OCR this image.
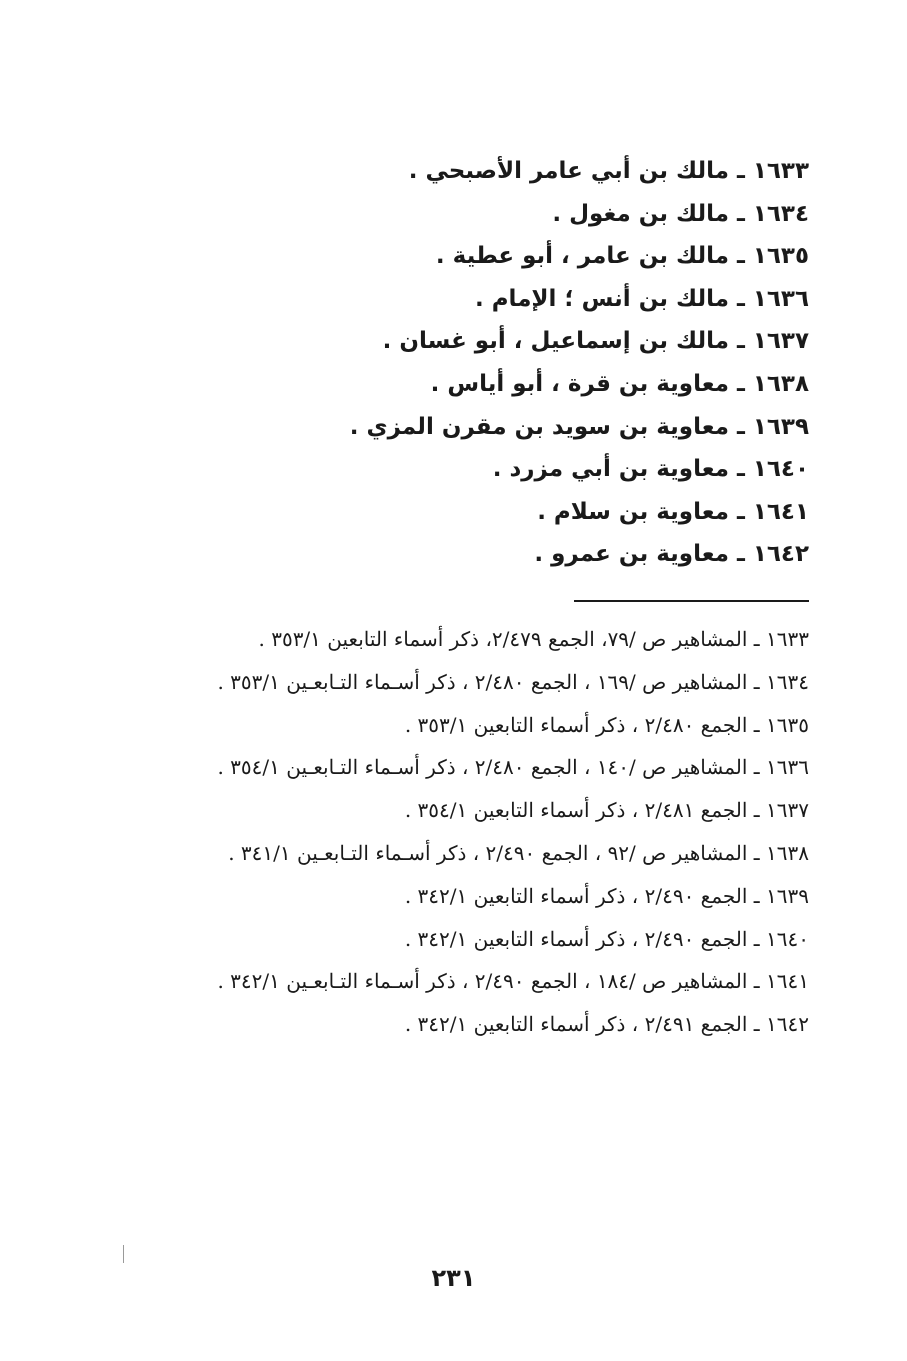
١٦٣٣ ـ مالك بن أبي عامر الأصبحي .
١٦٣٤ ـ مالك بن مغول .
١٦٣٥ ـ مالك بن عامر ، أبو عطية .
١٦٣٦ ـ مالك بن أنس ؛ الإمام .
١٦٣٧ ـ مالك بن إسماعيل ، أبو غسان .
١٦٣٨ ـ معاوية بن قرة ، أبو أياس .
١٦٣٩ ـ معاوية بن سويد بن مقرن المزي .
١٦٤٠ ـ معاوية بن أبي مزرد .
١٦٤١ ـ معاوية بن سلام .
١٦٤٢ ـ معاوية بن عمرو .
١٦٣٣ ـ المشاهير ص /٧٩، الجمع ٢/٤٧٩، ذكر أسماء التابعين ٣٥٣/١ .
١٦٣٤ ـ المشاهير ص /١٦٩ ، الجمع ٢/٤٨٠ ، ذكر أسـماء التـابعـين ٣٥٣/١ .
١٦٣٥ ـ الجمع ٢/٤٨٠ ، ذكر أسماء التابعين ٣٥٣/١ .
١٦٣٦ ـ المشاهير ص /١٤٠ ، الجمع ٢/٤٨٠ ، ذكر أسـماء التـابعـين ٣٥٤/١ .
١٦٣٧ ـ الجمع ٢/٤٨١ ، ذكر أسماء التابعين ٣٥٤/١ .
١٦٣٨ ـ المشاهير ص /٩٢ ، الجمع ٢/٤٩٠ ، ذكر أسـماء التـابعـين ٣٤١/١ .
١٦٣٩ ـ الجمع ٢/٤٩٠ ، ذكر أسماء التابعين ٣٤٢/١ .
١٦٤٠ ـ الجمع ٢/٤٩٠ ، ذكر أسماء التابعين ٣٤٢/١ .
١٦٤١ ـ المشاهير ص /١٨٤ ، الجمع ٢/٤٩٠ ، ذكر أسـماء التـابعـين ٣٤٢/١ .
١٦٤٢ ـ الجمع ٢/٤٩١ ، ذكر أسماء التابعين ٣٤٢/١ .
٢٣١
